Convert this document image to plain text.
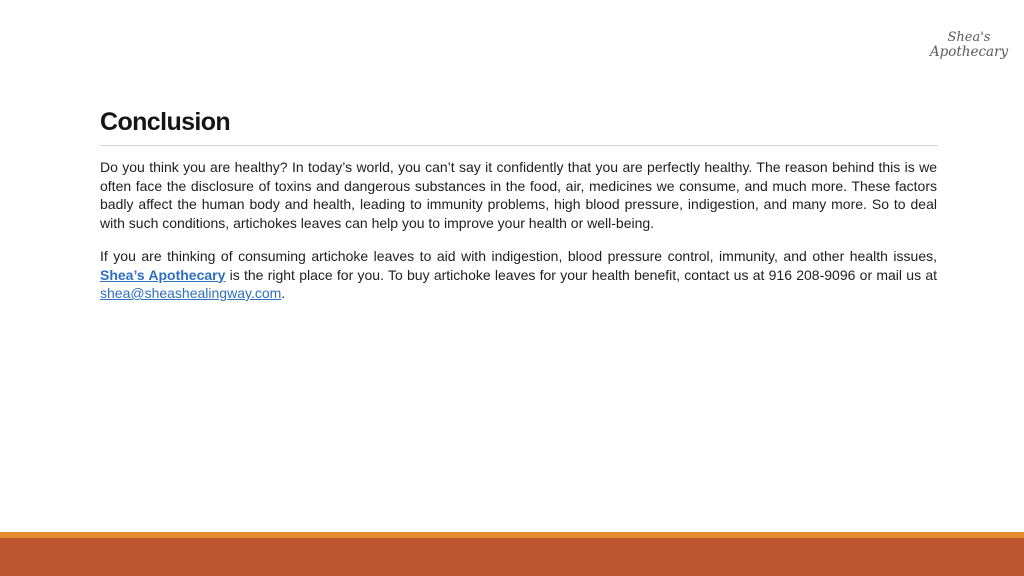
Shea's
Apothecary
Conclusion

Do you think you are healthy? In today’s world, you can’t say it confidently that you are perfectly healthy. The reason behind this is we often face the disclosure of toxins and dangerous substances in the food, air, medicines we consume, and much more. These factors badly affect the human body and health, leading to immunity problems, high blood pressure, indigestion, and many more. So to deal with such conditions, artichokes leaves can help you to improve your health or well-being.

If you are thinking of consuming artichoke leaves to aid with indigestion, blood pressure control, immunity, and other health issues, Shea’s Apothecary is the right place for you. To buy artichoke leaves for your health benefit, contact us at 916 208-9096 or mail us at shea@sheashealingway.com.
